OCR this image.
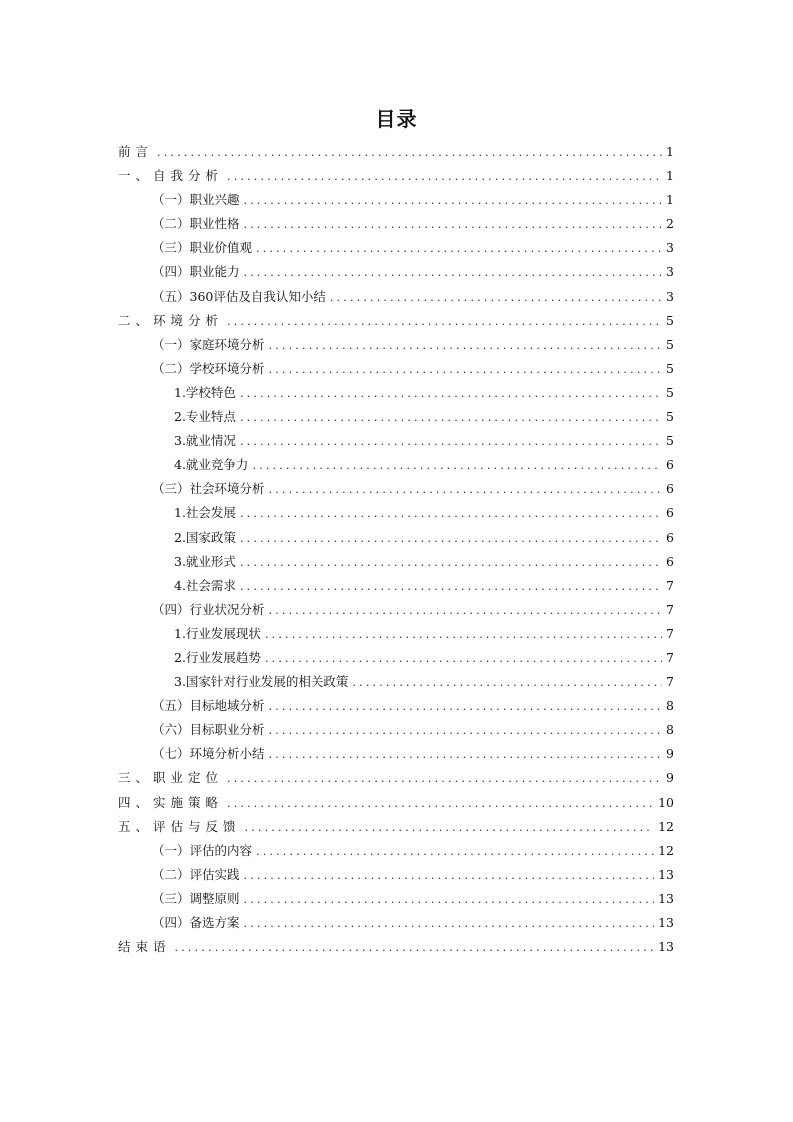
目录
前言 .....	1
一、自我分析 .....	1
（一）职业兴趣 .....	1
（二）职业性格 .....	2
（三）职业价值观 .....	3
（四）职业能力 .....	3
（五）360评估及自我认知小结 .....	3
二、环境分析 .....	5
（一）家庭环境分析 .....	5
（二）学校环境分析 .....	5
1.学校特色 .....	5
2.专业特点 .....	5
3.就业情况 .....	5
4.就业竞争力 .....	6
（三）社会环境分析 .....	6
1.社会发展 .....	6
2.国家政策 .....	6
3.就业形式 .....	6
4.社会需求 .....	7
（四）行业状况分析 .....	7
1.行业发展现状 .....	7
2.行业发展趋势 .....	7
3.国家针对行业发展的相关政策 .....	7
（五）目标地域分析 .....	8
（六）目标职业分析 .....	8
（七）环境分析小结 .....	9
三、职业定位 .....	9
四、实施策略 .....	10
五、评估与反馈 .....	12
（一）评估的内容 .....	12
（二）评估实践 .....	13
（三）调整原则 .....	13
（四）备选方案 .....	13
结束语 .....	13
